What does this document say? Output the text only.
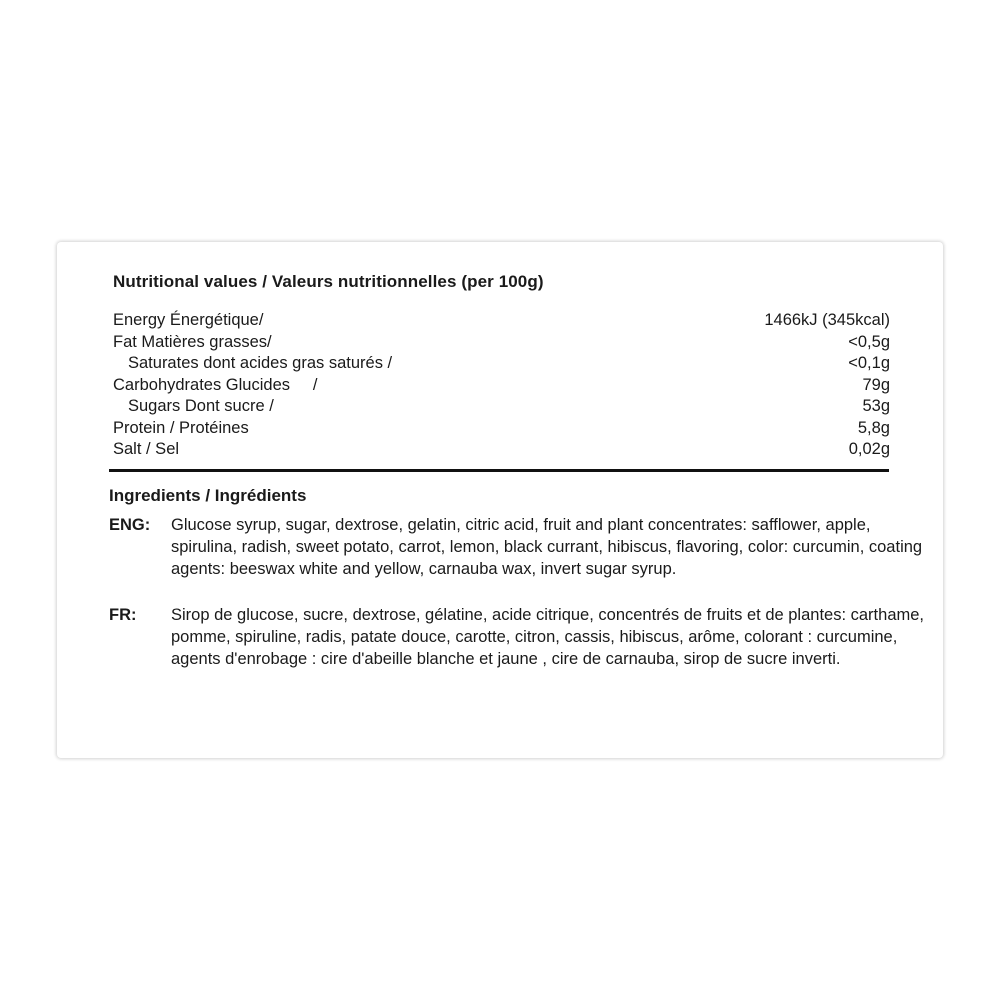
Nutritional values / Valeurs nutritionnelles (per 100g)
Energy Énergétique/	1466kJ (345kcal)
Fat Matières grasses/	<0,5g
Saturates dont acides gras saturés /	<0,1g
Carbohydrates Glucides     /	79g
Sugars Dont sucre /	53g
Protein / Protéines	5,8g
Salt / Sel	0,02g
Ingredients / Ingrédients
ENG: Glucose syrup, sugar, dextrose, gelatin, citric acid, fruit and plant concentrates: safflower, apple, spirulina, radish, sweet potato, carrot, lemon, black currant, hibiscus, flavoring, color: curcumin, coating agents: beeswax white and yellow, carnauba wax, invert sugar syrup.
FR: Sirop de glucose, sucre, dextrose, gélatine, acide citrique, concentrés de fruits et de plantes: carthame, pomme, spiruline, radis, patate douce, carotte, citron, cassis, hibiscus, arôme, colorant : curcumine, agents d'enrobage : cire d'abeille blanche et jaune , cire de carnauba, sirop de sucre inverti.
